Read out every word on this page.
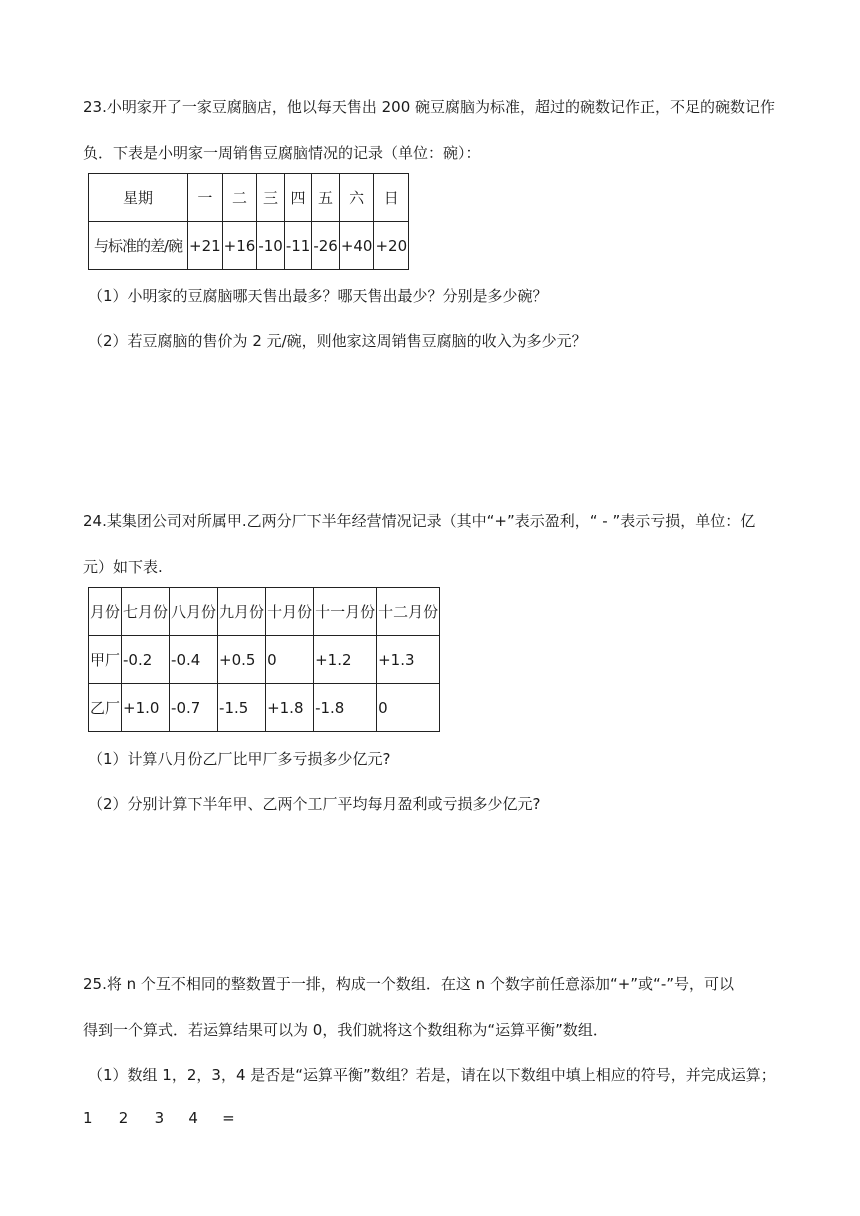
23.小明家开了一家豆腐脑店，他以每天售出 200 碗豆腐脑为标准，超过的碗数记作正，不足的碗数记作
负．下表是小明家一周销售豆腐脑情况的记录（单位：碗）：
星期	一	二	三	四	五	六	日
与标准的差/碗	+21	+16	-10	-11	-26	+40	+20
（1）小明家的豆腐脑哪天售出最多？哪天售出最少？分别是多少碗？
（2）若豆腐脑的售价为 2 元/碗，则他家这周销售豆腐脑的收入为多少元？
24.某集团公司对所属甲.乙两分厂下半年经营情况记录（其中“+”表示盈利，“ - ”表示亏损，单位：亿
元）如下表.
月份	七月份	八月份	九月份	十月份	十一月份	十二月份
甲厂	-0.2	-0.4	+0.5	0	+1.2	+1.3
乙厂	+1.0	-0.7	-1.5	+1.8	-1.8	0
（1）计算八月份乙厂比甲厂多亏损多少亿元?
（2）分别计算下半年甲、乙两个工厂平均每月盈利或亏损多少亿元?
25.将 n 个互不相同的整数置于一排，构成一个数组．在这 n 个数字前任意添加“+”或“-”号，可以
得到一个算式．若运算结果可以为 0，我们就将这个数组称为“运算平衡”数组．
（1）数组 1，2，3，4 是否是“运算平衡”数组？若是，请在以下数组中填上相应的符号，并完成运算；
1 2 3 4 =
